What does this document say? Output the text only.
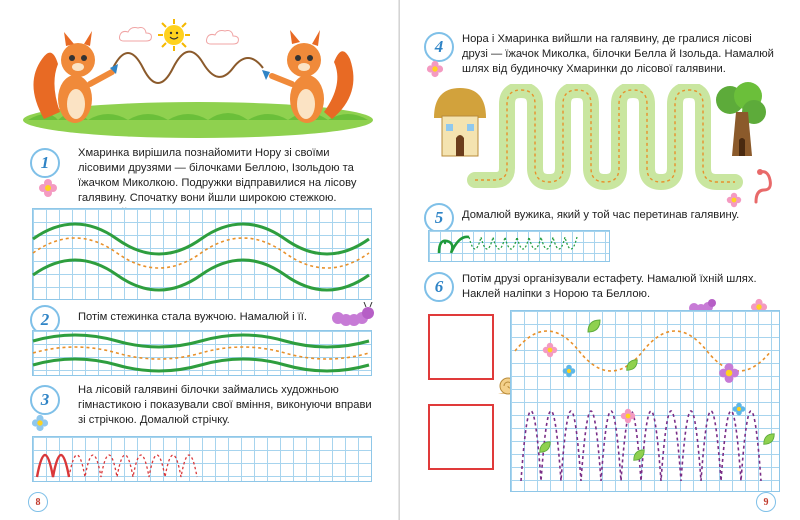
1	Хмаринка вирішила познайомити Нору зі своїми лісовими друзями — білочками Беллою, Ізольдою та їжачком Миколкою. Подружки відправилися на лісову галявину. Спочатку вони йшли широкою стежкою.
2	Потім стежинка стала вужчою. Намалюй і її.
3	На лісовій галявині білочки займались художньою гімнастикою і показували свої вміння, виконуючи вправи зі стрічкою. Домалюй стрічку.
8
4	Нора і Хмаринка вийшли на галявину, де гралися лісові друзі — їжачок Миколка, білочки Белла й Ізольда. Намалюй шлях від будиночку Хмаринки до лісової галявини.
5	Домалюй вужика, який у той час перетинав галявину.
6	Потім друзі організували естафету. Намалюй їхній шлях. Наклей наліпки з Норою та Беллою.
9
